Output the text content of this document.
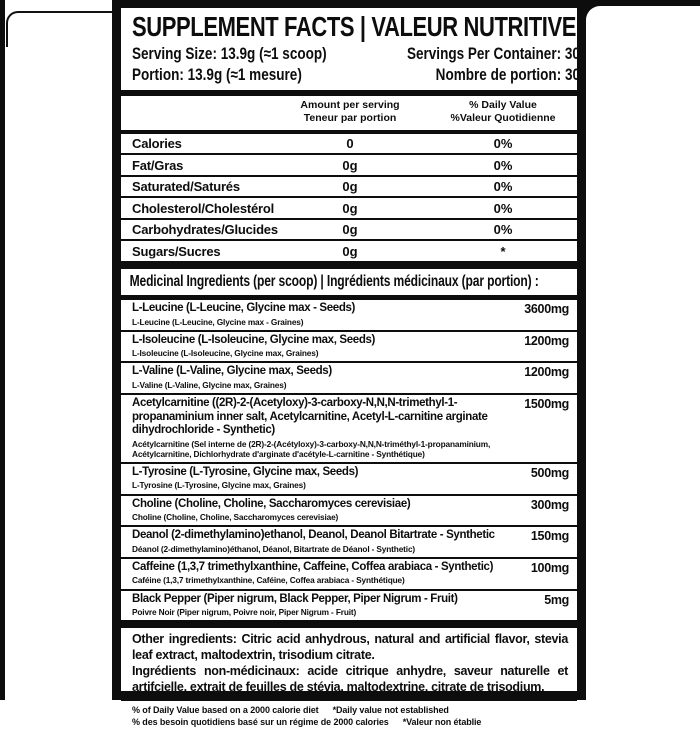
SUPPLEMENT FACTS | VALEUR NUTRITIVE
Serving Size: 13.9g (≈1 scoop)
Portion: 13.9g (≈1 mesure)
Servings Per Container: 30
Nombre de portion: 30
Amount per serving
Teneur par portion
% Daily Value
%Valeur Quotidienne
Calories	0	0%
Fat/Gras	0g	0%
Saturated/Saturés	0g	0%
Cholesterol/Cholestérol	0g	0%
Carbohydrates/Glucides	0g	0%
Sugars/Sucres	0g	*
Medicinal Ingredients (per scoop) | Ingrédients médicinaux (par portion) :
L-Leucine (L-Leucine, Glycine max - Seeds)
L-Leucine (L-Leucine, Glycine max - Graines)
3600mg
L-Isoleucine (L-Isoleucine, Glycine max, Seeds)
L-Isoleucine (L-Isoleucine, Glycine max, Graines)
1200mg
L-Valine (L-Valine, Glycine max, Seeds)
L-Valine (L-Valine, Glycine max, Graines)
1200mg
Acetylcarnitine ((2R)-2-(Acetyloxy)-3-carboxy-N,N,N-trimethyl-1-propanaminium inner salt, Acetylcarnitine, Acetyl-L-carnitine arginate dihydrochloride - Synthetic)
Acétylcarnitine (Sel interne de (2R)-2-(Acétyloxy)-3-carboxy-N,N,N-triméthyl-1-propanaminium, Acétylcarnitine, Dichlorhydrate d'arginate d'acétyle-L-carnitine - Synthétique)
1500mg
L-Tyrosine (L-Tyrosine, Glycine max, Seeds)
L-Tyrosine (L-Tyrosine, Glycine max, Graines)
500mg
Choline (Choline, Choline, Saccharomyces cerevisiae)
Choline (Choline, Choline, Saccharomyces cerevisiae)
300mg
Deanol (2-dimethylamino)ethanol, Deanol, Deanol Bitartrate - Synthetic
Déanol (2-dimethylamino)éthanol, Déanol, Bitartrate de Déanol - Synthetic)
150mg
Caffeine (1,3,7 trimethylxanthine, Caffeine, Coffea arabiaca - Synthetic)
Caféine (1,3,7 trimethylxanthine, Caféine, Coffea arabiaca - Synthétique)
100mg
Black Pepper (Piper nigrum, Black Pepper, Piper Nigrum - Fruit)
Poivre Noir (Piper nigrum, Poivre noir, Piper Nigrum - Fruit)
5mg

Other ingredients: Citric acid anhydrous, natural and artificial flavor, stevia leaf extract, maltodextrin, trisodium citrate.

Ingrédients non-médicinaux: acide citrique anhydre, saveur naturelle et artifcielle, extrait de feuilles de stévia, maltodextrine, citrate de trisodium.

% of Daily Value based on a 2000 calorie diet *Daily value not established
% des besoin quotidiens basé sur un régime de 2000 calories *Valeur non établie
